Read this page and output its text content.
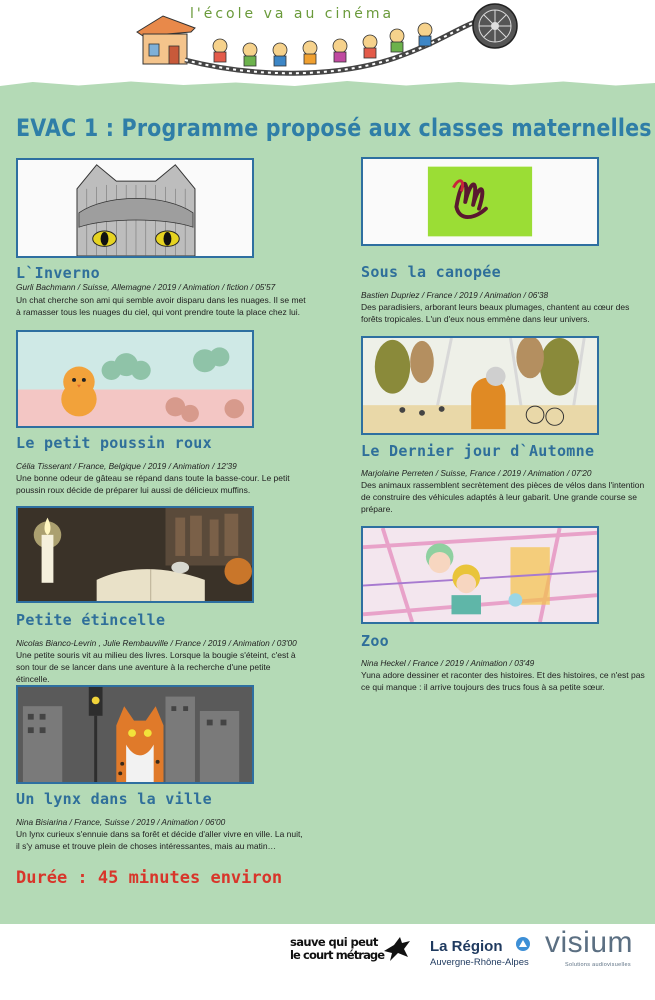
l'école va au cinéma
EVAC 1 : Programme proposé aux classes maternelles
L`Inverno
Gurli Bachmann / Suisse, Allemagne / 2019 / Animation / fiction / 05'57
Un chat cherche son ami qui semble avoir disparu dans les nuages. Il se met à ramasser tous les nuages du ciel, qui vont prendre toute la place chez lui.
Sous la canopée
Bastien Dupriez / France / 2019 / Animation / 06'38
Des paradisiers, arborant leurs beaux plumages, chantent au cœur des forêts tropicales. L'un d'eux nous emmène dans leur univers.
Le petit poussin roux
Célia Tisserant / France, Belgique / 2019 / Animation / 12'39
Une bonne odeur de gâteau se répand dans toute la basse-cour. Le petit poussin roux décide de préparer lui aussi de délicieux muffins.
Le Dernier jour d`Automne
Marjolaine Perreten / Suisse, France / 2019 / Animation / 07'20
Des animaux rassemblent secrètement des pièces de vélos dans l'intention de construire des véhicules adaptés à leur gabarit. Une grande course se prépare.
Petite étincelle
Nicolas Bianco-Levrin , Julie Rembauville / France / 2019 / Animation / 03'00
Une petite souris vit au milieu des livres. Lorsque la bougie s'éteint, c'est à son tour de se lancer dans une aventure à la recherche d'une petite étincelle.
Zoo
Nina Heckel / France / 2019 / Animation / 03'49
Yuna adore dessiner et raconter des histoires. Et des histoires, ce n'est pas ce qui manque : il arrive toujours des trucs fous à sa petite sœur.
Un lynx dans la ville
Nina Bisiarina / France, Suisse / 2019 / Animation / 06'00
Un lynx curieux s'ennuie dans sa forêt et décide d'aller vivre en ville. La nuit, il s'y amuse et trouve plein de choses intéressantes, mais au matin…
Durée : 45 minutes environ
sauve qui peut
le court métrage	La Région
Auvergne-Rhône-Alpes
visium
Solutions audiovisuelles
